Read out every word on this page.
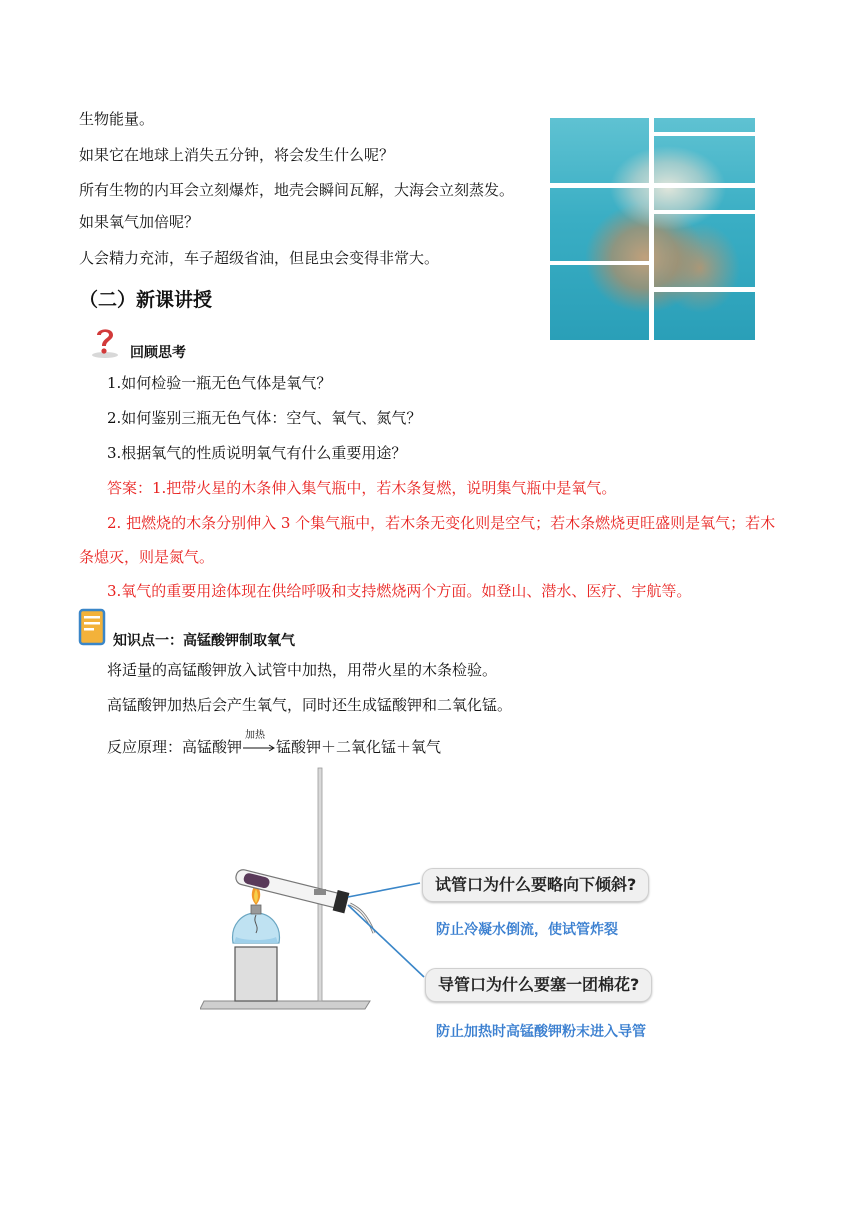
生物能量。
如果它在地球上消失五分钟，将会发生什么呢？
所有生物的内耳会立刻爆炸，地壳会瞬间瓦解，大海会立刻蒸发。
如果氧气加倍呢？
人会精力充沛，车子超级省油，但昆虫会变得非常大。
（二）新课讲授
回顾思考
1.如何检验一瓶无色气体是氧气？
2.如何鉴别三瓶无色气体：空气、氧气、氮气？
3.根据氧气的性质说明氧气有什么重要用途？
答案：1.把带火星的木条伸入集气瓶中，若木条复燃，说明集气瓶中是氧气。
2. 把燃烧的木条分别伸入 3 个集气瓶中，若木条无变化则是空气；若木条燃烧更旺盛则是氧气；若木
条熄灭，则是氮气。
3.氧气的重要用途体现在供给呼吸和支持燃烧两个方面。如登山、潜水、医疗、宇航等。
知识点一：高锰酸钾制取氧气
将适量的高锰酸钾放入试管中加热，用带火星的木条检验。
高锰酸钾加热后会产生氧气，同时还生成锰酸钾和二氧化锰。
反应原理：高锰酸钾
加热
锰酸钾＋二氧化锰＋氧气
试管口为什么要略向下倾斜?
防止冷凝水倒流，使试管炸裂
导管口为什么要塞一团棉花?
防止加热时高锰酸钾粉末进入导管
